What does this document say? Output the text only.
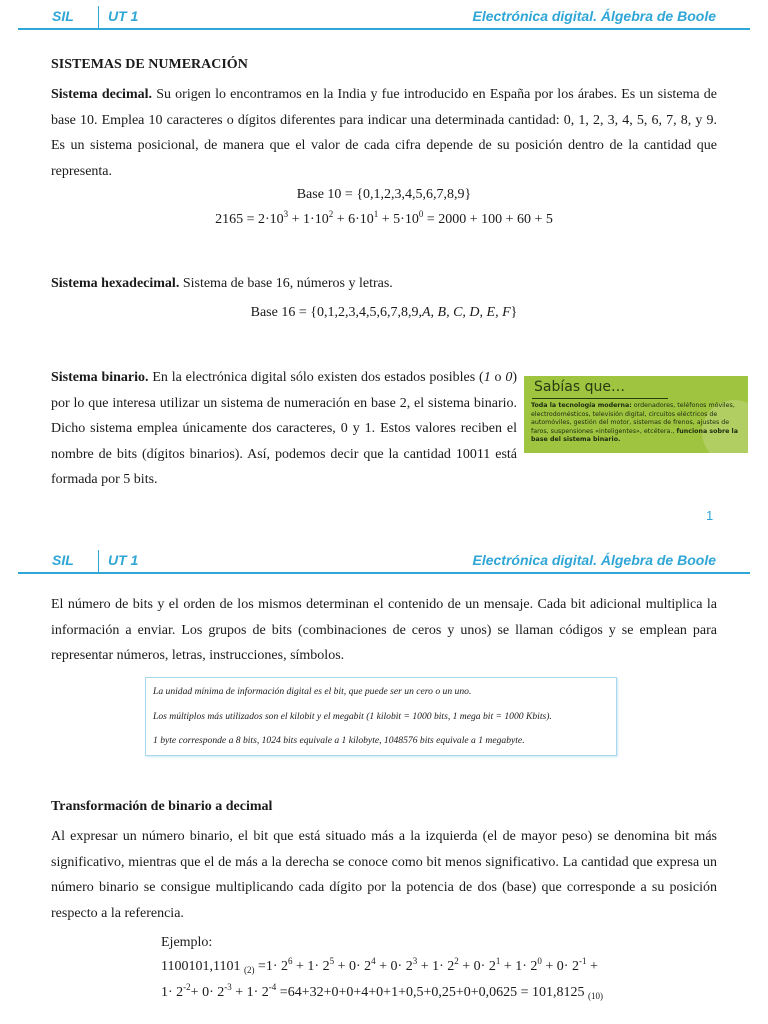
SIL UT 1	Electrónica digital. Álgebra de Boole
SISTEMAS DE NUMERACIÓN
Sistema decimal. Su origen lo encontramos en la India y fue introducido en España por los árabes. Es un sistema de base 10. Emplea 10 caracteres o dígitos diferentes para indicar una determinada cantidad: 0, 1, 2, 3, 4, 5, 6, 7, 8, y 9. Es un sistema posicional, de manera que el valor de cada cifra depende de su posición dentro de la cantidad que representa.
Base 10 = {0,1,2,3,4,5,6,7,8,9}
$2165 = 2\cdot 10^3 + 1\cdot 10^2 + 6\cdot 10^1 + 5\cdot 10^0 = 2000 + 100 + 60 + 5$
Sistema hexadecimal. Sistema de base 16, números y letras.
Base 16 = {0,1,2,3,4,5,6,7,8,9,A, B, C, D, E, F}
Sistema binario. En la electrónica digital sólo existen dos estados posibles (1 o 0) por lo que interesa utilizar un sistema de numeración en base 2, el sistema binario. Dicho sistema emplea únicamente dos caracteres, 0 y 1. Estos valores reciben el nombre de bits (dígitos binarios). Así, podemos decir que la cantidad 10011 está formada por 5 bits.
Sabías que…
Toda la tecnología moderna: ordenadores, teléfonos móviles, electrodomésticos, televisión digital, circuitos eléctricos de automóviles, gestión del motor, sistemas de frenos, ajustes de faros, suspensiones «inteligentes», etcétera., funciona sobre la base del sistema binario.
1
SIL UT 1	Electrónica digital. Álgebra de Boole
El número de bits y el orden de los mismos determinan el contenido de un mensaje. Cada bit adicional multiplica la información a enviar. Los grupos de bits (combinaciones de ceros y unos) se llaman códigos y se emplean para representar números, letras, instrucciones, símbolos.
La unidad mínima de información digital es el bit, que puede ser un cero o un uno.
Los múltiplos más utilizados son el kilobit y el megabit (1 kilobit = 1000 bits, 1 mega bit = 1000 Kbits).
1 byte corresponde a 8 bits, 1024 bits equivale a 1 kilobyte, 1048576 bits equivale a 1 megabyte.
Transformación de binario a decimal
Al expresar un número binario, el bit que está situado más a la izquierda (el de mayor peso) se denomina bit más significativo, mientras que el de más a la derecha se conoce como bit menos significativo. La cantidad que expresa un número binario se consigue multiplicando cada dígito por la potencia de dos (base) que corresponde a su posición respecto a la referencia.
Ejemplo:
1100101,1101 $_{(2)} =1\cdot 2^6 + 1\cdot 2^5 + 0\cdot 2^4 + 0\cdot 2^3 + 1\cdot 2^2 + 0\cdot 2^1 + 1\cdot 2^0 + 0\cdot 2^{-1}$ +
$1\cdot 2^{-2}+ 0\cdot 2^{-3} + 1\cdot 2^{-4} =64+32+0+0+4+0+1+0,5+0,25+0+0,0625 = 101,8125$ $_{(10)}$
